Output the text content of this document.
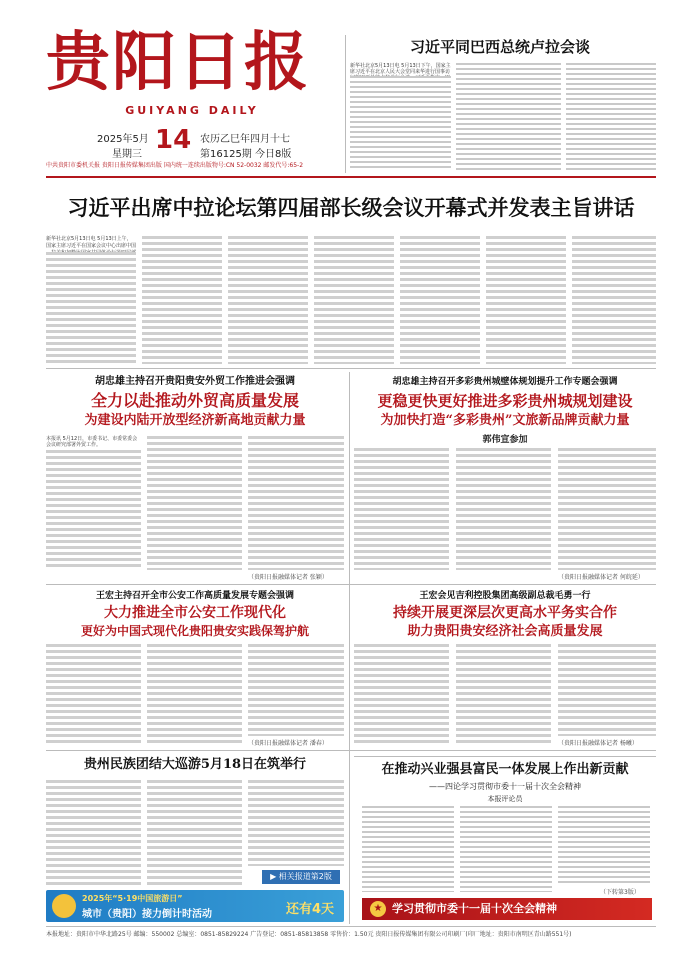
贵阳日报
GUIYANG DAILY
2025年5月
星期三 14 农历乙巳年四月十七
第16125期 今日8版
中共贵阳市委机关报 贵阳日报传媒集团出版 国内统一连续出版物号:CN 52-0032 邮发代号:65-2
习近平同巴西总统卢拉会谈
新华社北京5月13日电 5月13日下午，国家主席习近平在北京人民大会堂同来华进行国事访
习近平出席中拉论坛第四届部长级会议开幕式并发表主旨讲话
新华社北京5月13日电 5月13日上午，国家主席习近平在国家会议中心出席中国
胡忠雄主持召开贵阳贵安外贸工作推进会强调
全力以赴推动外贸高质量发展
为建设内陆开放型经济新高地贡献力量
本报讯 5月12日，市委书记、市委常委会会议研究部署外贸工作。
（贵阳日报融媒体记者 张颖）
胡忠雄主持召开多彩贵州城壁体规划提升工作专题会强调
更稳更快更好推进多彩贵州城规划建设
为加快打造“多彩贵州”文旅新品牌贡献力量
郭伟宣参加
（贵阳日报融媒体记者 何皖延）
王宏主持召开全市公安工作高质量发展专题会强调
大力推进全市公安工作现代化
更好为中国式现代化贵阳贵安实践保驾护航
（贵阳日报融媒体记者 潘春）
王宏会见吉利控股集团高级副总裁毛勇一行
持续开展更深层次更高水平务实合作
助力贵阳贵安经济社会高质量发展
（贵阳日报融媒体记者 杨曦）
贵州民族团结大巡游5月18日在筑举行
▶ 相关报道第2版
2025年“5·19中国旅游日”
城市（贵阳）接力倒计时活动	还有4天
在推动兴业强县富民一体发展上作出新贡献
——四论学习贯彻市委十一届十次全会精神
本报评论员
（下转第3版）
★ 学习贯彻市委十一届十次全会精神
本报地址：贵阳市中华北路25号 邮编：550002 总编室：0851-85829224 广告登记：0851-85813858 零售价：1.50元 贵阳日报传媒集团有限公司印刷厂(印厂地址：贵阳市南明区青山路551号)
